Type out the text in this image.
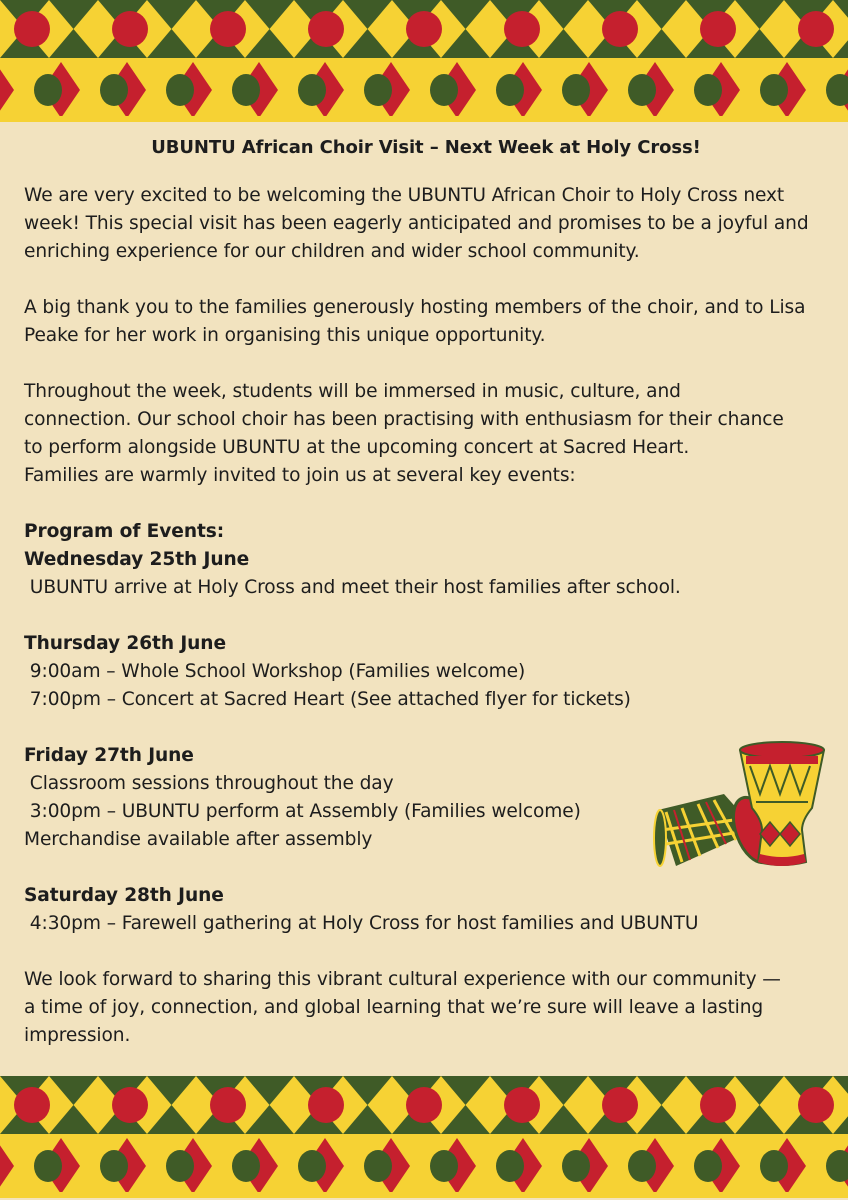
UBUNTU African Choir Visit – Next Week at Holy Cross!

We are very excited to be welcoming the UBUNTU African Choir to Holy Cross next week! This special visit has been eagerly anticipated and promises to be a joyful and enriching experience for our children and wider school community.

A big thank you to the families generously hosting members of the choir, and to Lisa Peake for her work in organising this unique opportunity.

Throughout the week, students will be immersed in music, culture, and
connection. Our school choir has been practising with enthusiasm for their chance
to perform alongside UBUNTU at the upcoming concert at Sacred Heart.
Families are warmly invited to join us at several key events:
Program of Events:
Wednesday 25th June
UBUNTU arrive at Holy Cross and meet their host families after school.
Thursday 26th June
9:00am – Whole School Workshop (Families welcome)
7:00pm – Concert at Sacred Heart (See attached flyer for tickets)
Friday 27th June
Classroom sessions throughout the day
3:00pm – UBUNTU perform at Assembly (Families welcome)
Merchandise available after assembly
Saturday 28th June
4:30pm – Farewell gathering at Holy Cross for host families and UBUNTU
We look forward to sharing this vibrant cultural experience with our community —
a time of joy, connection, and global learning that we’re sure will leave a lasting
impression.
